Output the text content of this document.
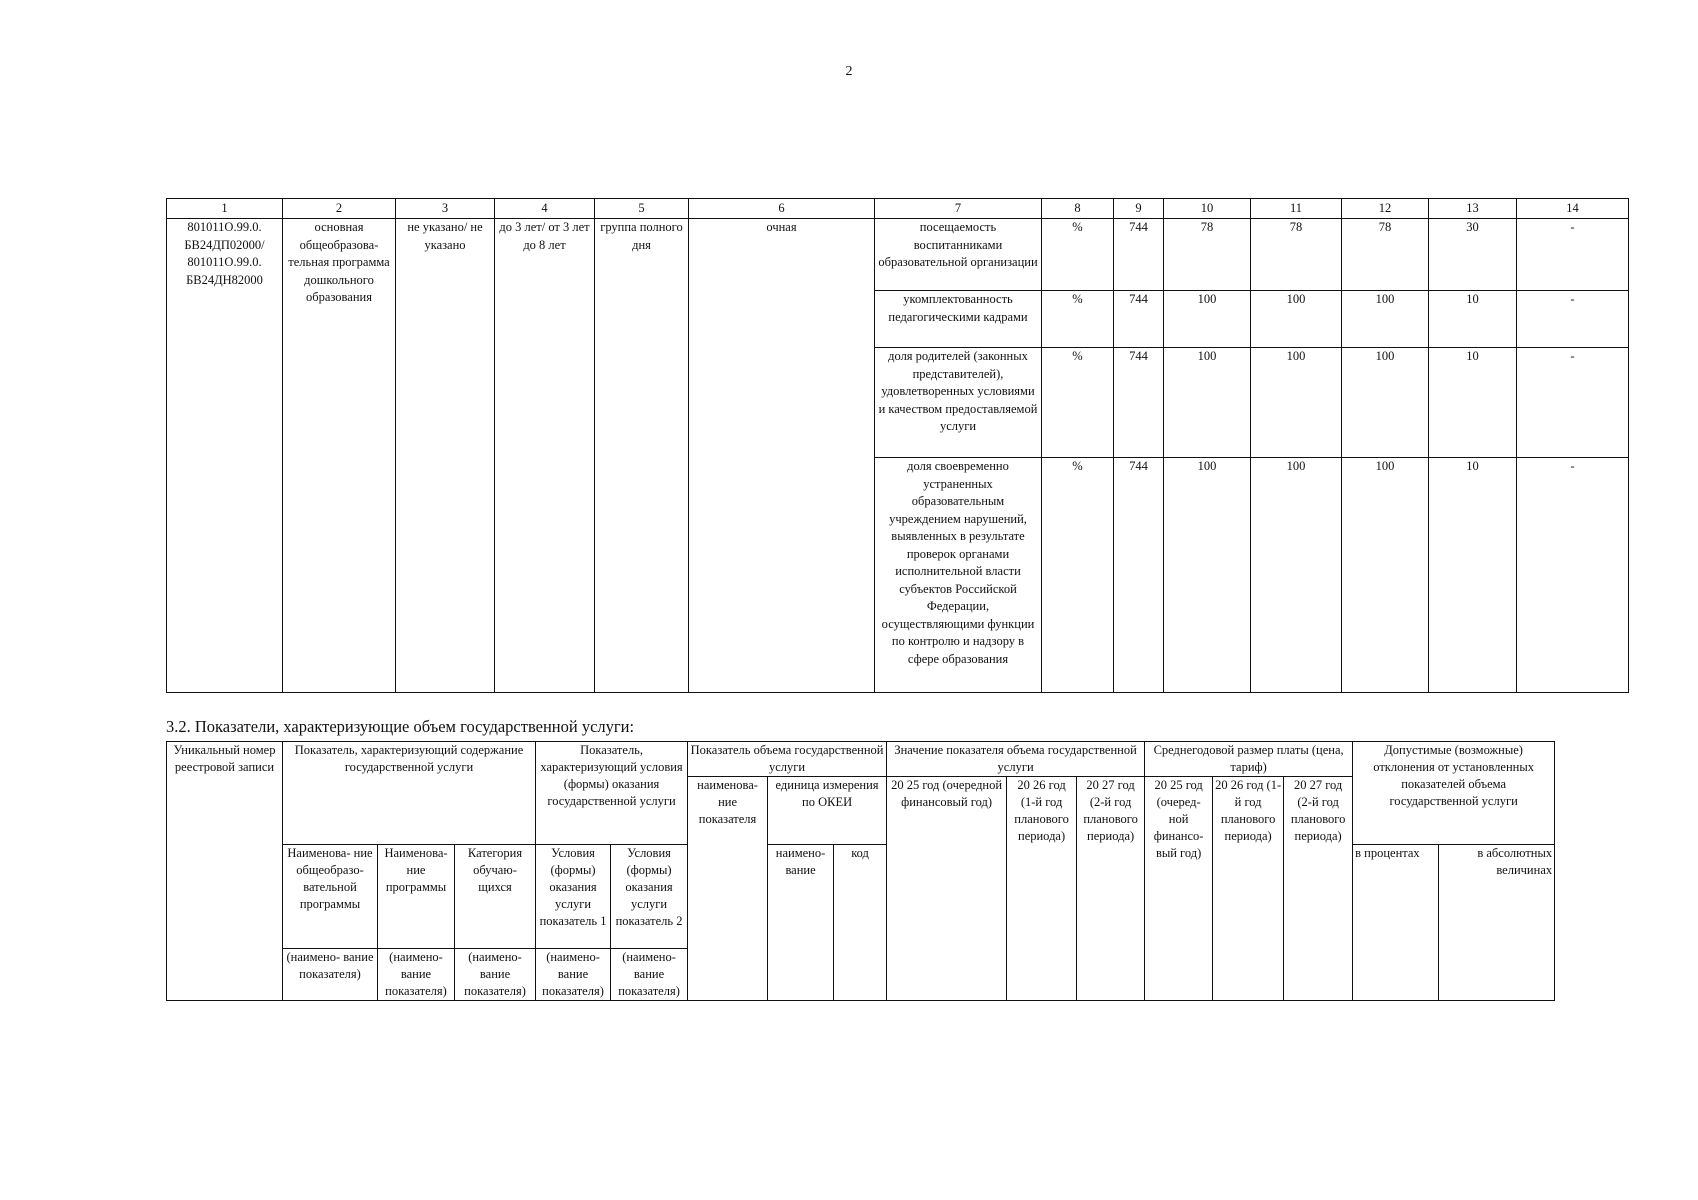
2
1	2	3	4	5	6	7	8	9	10	11	12	13	14
801011О.99.0. БВ24ДП02000/ 801011О.99.0. БВ24ДН82000	основная общеобразова- тельная программа дошкольного образования	не указано/ не указано	до 3 лет/ от 3 лет до 8 лет	группа полного дня	очная	посещаемость воспитанниками образовательной организации	%	744	78	78	78	30	-
						укомплектованность педагогическими кадрами	%	744	100	100	100	10	-
						доля родителей (законных представителей), удовлетворенных условиями и качеством предоставляемой услуги	%	744	100	100	100	10	-
						доля своевременно устраненных образовательным учреждением нарушений, выявленных в результате проверок органами исполнительной власти субъектов Российской Федерации, осуществляющими функции по контролю и надзору в сфере образования	%	744	100	100	100	10	-
3.2. Показатели, характеризующие объем государственной услуги:
Уникальный номер реестровой записи	Показатель, характеризующий содержание государственной услуги			Показатель, характеризующий условия (формы) оказания государственной услуги		Показатель объема государственной услуги			Значение показателя объема государственной услуги			Среднегодовой размер платы (цена, тариф)			Допустимые (возможные) отклонения от установленных показателей объема государственной услуги	
						наименова- ние показателя	единица измерения по ОКЕИ		20 25 год (очередной финансовый год)	20 26 год (1-й год планового периода)	20 27 год (2-й год планового периода)	20 25 год (очеред- ной финансо- вый год)	20 26 год (1-й год планового периода)	20 27 год (2-й год планового периода)		
	Наименова- ние общеобразо- вательной программы	Наименова- ние программы	Категория обучаю- щихся	Условия (формы) оказания услуги показатель 1	Условия (формы) оказания услуги показатель 2		наимено- вание	код							в процентах	в абсолютных величинах
	(наимено- вание показателя)	(наимено- вание показателя)	(наимено- вание показателя)	(наимено- вание показателя)	(наимено- вание показателя)											
